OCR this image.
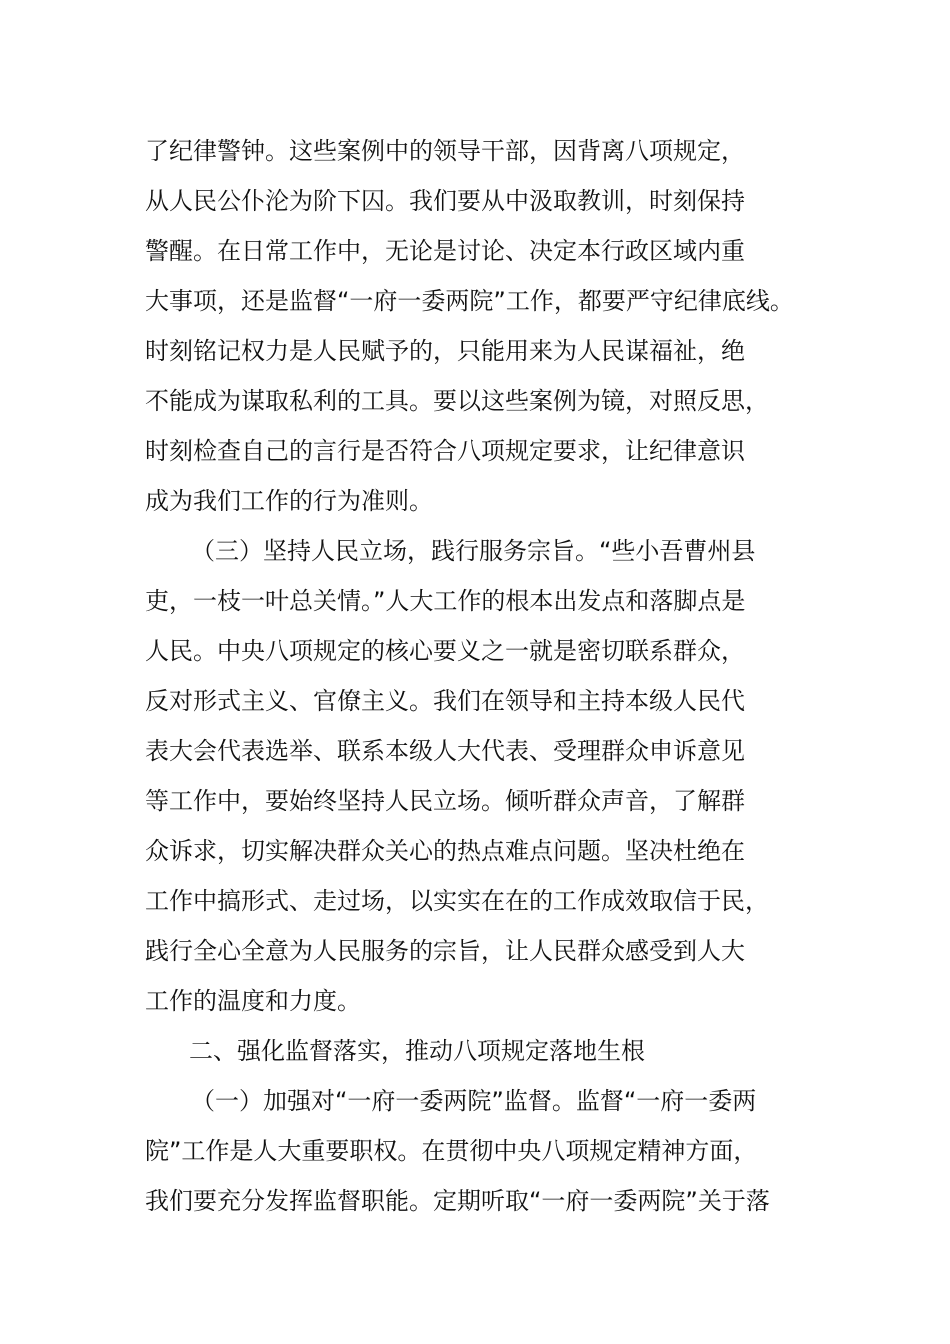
了纪律警钟。这些案例中的领导干部，因背离八项规定，
从人民公仆沦为阶下囚。我们要从中汲取教训，时刻保持
警醒。在日常工作中，无论是讨论、决定本行政区域内重
大事项，还是监督“一府一委两院”工作，都要严守纪律底线。
时刻铭记权力是人民赋予的，只能用来为人民谋福祉，绝
不能成为谋取私利的工具。要以这些案例为镜，对照反思，
时刻检查自己的言行是否符合八项规定要求，让纪律意识
成为我们工作的行为准则。
（三）坚持人民立场，践行服务宗旨。“些小吾曹州县
吏，一枝一叶总关情。”人大工作的根本出发点和落脚点是
人民。中央八项规定的核心要义之一就是密切联系群众，
反对形式主义、官僚主义。我们在领导和主持本级人民代
表大会代表选举、联系本级人大代表、受理群众申诉意见
等工作中，要始终坚持人民立场。倾听群众声音，了解群
众诉求，切实解决群众关心的热点难点问题。坚决杜绝在
工作中搞形式、走过场，以实实在在的工作成效取信于民，
践行全心全意为人民服务的宗旨，让人民群众感受到人大
工作的温度和力度。
二、强化监督落实，推动八项规定落地生根
（一）加强对“一府一委两院”监督。监督“一府一委两
院”工作是人大重要职权。在贯彻中央八项规定精神方面，
我们要充分发挥监督职能。定期听取“一府一委两院”关于落
